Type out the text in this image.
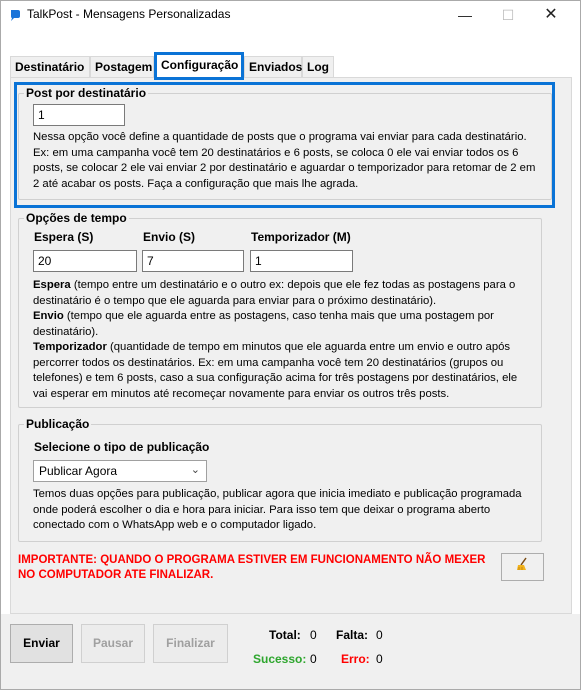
TalkPost - Mensagens Personalizadas	—	☐	✕
Destinatário Postagem Configuração Enviados Log
Post por destinatário
1
Nessa opção você define a quantidade de posts que o programa vai enviar para cada destinatário. Ex: em uma campanha você tem 20 destinatários e 6 posts, se coloca 0 ele vai enviar todos os 6 posts, se colocar 2 ele vai enviar 2 por destinatário e aguardar o temporizador para retomar de 2 em 2 até acabar os posts. Faça a configuração que mais lhe agrada.
Opções de tempo
Espera (S)	Envio (S)	Temporizador (M)
20	7	1
Espera (tempo entre um destinatário e o outro ex: depois que ele fez todas as postagens para o destinatário é o tempo que ele aguarda para enviar para o próximo destinatário).
Envio (tempo que ele aguarda entre as postagens, caso tenha mais que uma postagem por destinatário).
Temporizador (quantidade de tempo em minutos que ele aguarda entre um envio e outro após percorrer todos os destinatários. Ex: em uma campanha você tem 20 destinatários (grupos ou telefones) e tem 6 posts, caso a sua configuração acima for três postagens por destinatários, ele vai esperar em minutos até recomeçar novamente para enviar os outros três posts.
Publicação
Selecione o tipo de publicação
Publicar Agora	⌄
Temos duas opções para publicação, publicar agora que inicia imediato e publicação programada onde poderá escolher o dia e hora para iniciar. Para isso tem que deixar o programa aberto conectado com o WhatsApp web e o computador ligado.
IMPORTANTE: QUANDO O PROGRAMA ESTIVER EM FUNCIONAMENTO NÃO MEXER NO COMPUTADOR ATE FINALIZAR.
Enviar	Pausar	Finalizar
Total: 0 Falta: 0
Sucesso: 0 Erro: 0
